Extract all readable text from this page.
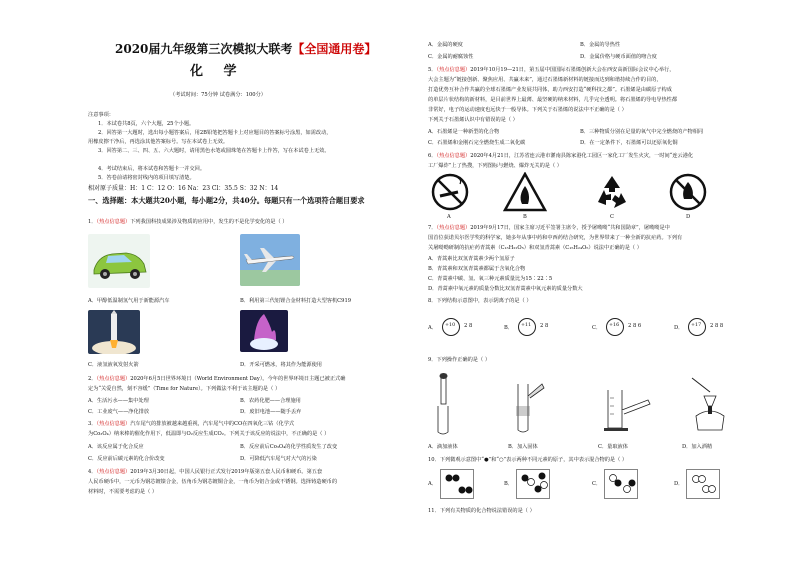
2020届九年级第三次模拟大联考【全国通用卷】
化 学
（考试时间：75分钟 试卷满分：100分）
注意事项：
1．本试卷共8页，六个大题，25个小题。
2．回答第一大题时，选出每小题答案后，用2B铅笔把答题卡上对应题目的答案标号涂黑，如需改动，
用橡皮擦干净后，再选涂其他答案标号。写在本试卷上无效。
3．回答第二、三、四、五、六大题时，请用黑色水笔或圆珠笔在答题卡上作答，写在本试卷上无效。
4．考试结束后，将本试卷和答题卡一并交回。
5．答卷前请将密封线内的项目填写清楚。
相对原子质量：H：1 C：12 O：16 Na：23 Cl：35.5 S：32 N：14
一、选择题：本大题共20小题，每小题2分，共40分。每题只有一个选项符合题目要求
1．（热点信息题）下列我国科技成果涉及物质的应用中，发生的不是化学变化的是（ ）
A．甲醇低温制氢气用于新能源汽车	B．利用第三代铝锂合金材料打造大型客机C919
C．液氢液氧发射火箭	D．开采可燃冰，将其作为能源使用
2．（热点信息题）2020年6月5日世界环境日（World Environment Day）。今年的世界环境日主题已被正式确
定为“关爱自然，刻不容缓”（Time for Nature）。下列做法不利于该主题的是（ ）
A．生活污水——集中处理	B．农药化肥——合理施用
C．工业废气——净化排放	D．废旧电池——随手丢弃
3．（热点信息题）汽车尾气的排放被越来越重视，汽车尾气中的CO在四氧化三钴（化学式
为Co₃O₄）纳米棒的催化作用下，低温即与O₂反应生成CO₂。下列关于该反应的说法中，不正确的是（ ）
A．该反应属于化合反应	B．反应前后Co₃O₄的化学性质发生了改变
C．反应前后碳元素的化合价改变	D．可降低汽车尾气对大气的污染
4．（热点信息题）2019年3月30日起，中国人民银行正式发行2019年版第五套人民币和硬币。第五套
人民币硬币中，一元币为钢芯镀镍合金，伍角币为钢芯镀铜合金，一角币为铝合金或不锈钢。选择铸造硬币的
材料时，不需要考虑的是（ ）
A．金属的硬度	B．金属的导热性
C．金属的耐腐蚀性	D．金属价格与硬币面值的吻合度
5．（热点信息题）2019年10月19—21日，第五届中国国际石墨烯创新大会在西安高新国际会议中心举行，
大会主题为“链接创新、聚焦应用、共赢未来”，通过石墨烯新材料的链接而达到和谐持续合作的目的，
打造优势互补合作共赢的全球石墨烯产业发展共同体，助力西安打造“硬科技之都”。石墨烯是由碳原子构成
的单层片状结构的新材料，是目前世界上最薄、最坚硬的纳米材料，几乎完全透明。将石墨烯的导电导热性都
非常好，电子的运动速度也远快于一般导体。下列关于石墨烯的说法中不正确的是（ ）
下列关于石墨烯认识中有错误的是（ ）
A．石墨烯是一种新型的化合物	B．三种物质分别在足量的氧气中完全燃烧的产物相同
C．石墨烯和金刚石完全燃烧生成二氧化碳	D．在一定条件下，石墨烯可以还原氧化铜
6．（热点信息题）2020年4月21日，江苏省连云港市灌南县陈家港化工园区一家化工厂发生火灾，一时间“连云港化
工厂爆炸”上了热搜，下列图标与燃烧、爆炸无关的是（ ）
A	B	C	D
7．（热点信息题）2019年9月17日，国家主席习近平签署主席令，授予屠呦呦“共和国勋章”，屠呦呦是中
国首位获诺贝尔医学奖的科学家，她多年从事中药和中西药结合研究，为世界带来了一种全新的抗疟药。下列有
关屠呦呦研制的抗疟药青蒿素（C₁₅H₂₂O₅）和双氢青蒿素（C₁₅H₂₄O₅）说法中正确的是（ ）
A．青蒿素比双氢青蒿素少两个氢原子
B．青蒿素和双氢青蒿素都属于含氧化合物
C．青蒿素中碳、氢、氧三种元素质量比为15∶22∶5
D．青蒿素中氧元素的质量分数比双氢青蒿素中氧元素的质量分数大
8．下列结构示意图中，表示阴离子的是（ ）
A． +10 2 8	B． +11 2 8	C． +16 2 8 6	D． +17 2 8 8
9．下列操作正确的是（ ）
A．滴加液体	B．加入固体	C．量取液体	D．加入酒精
10．下列微观示意图中“●”和“○”表示两种不同元素的原子，其中表示混合物的是（ ）
A．	B．	C．	D．
11．下列有关物质的化合物说法错误的是（ ）
